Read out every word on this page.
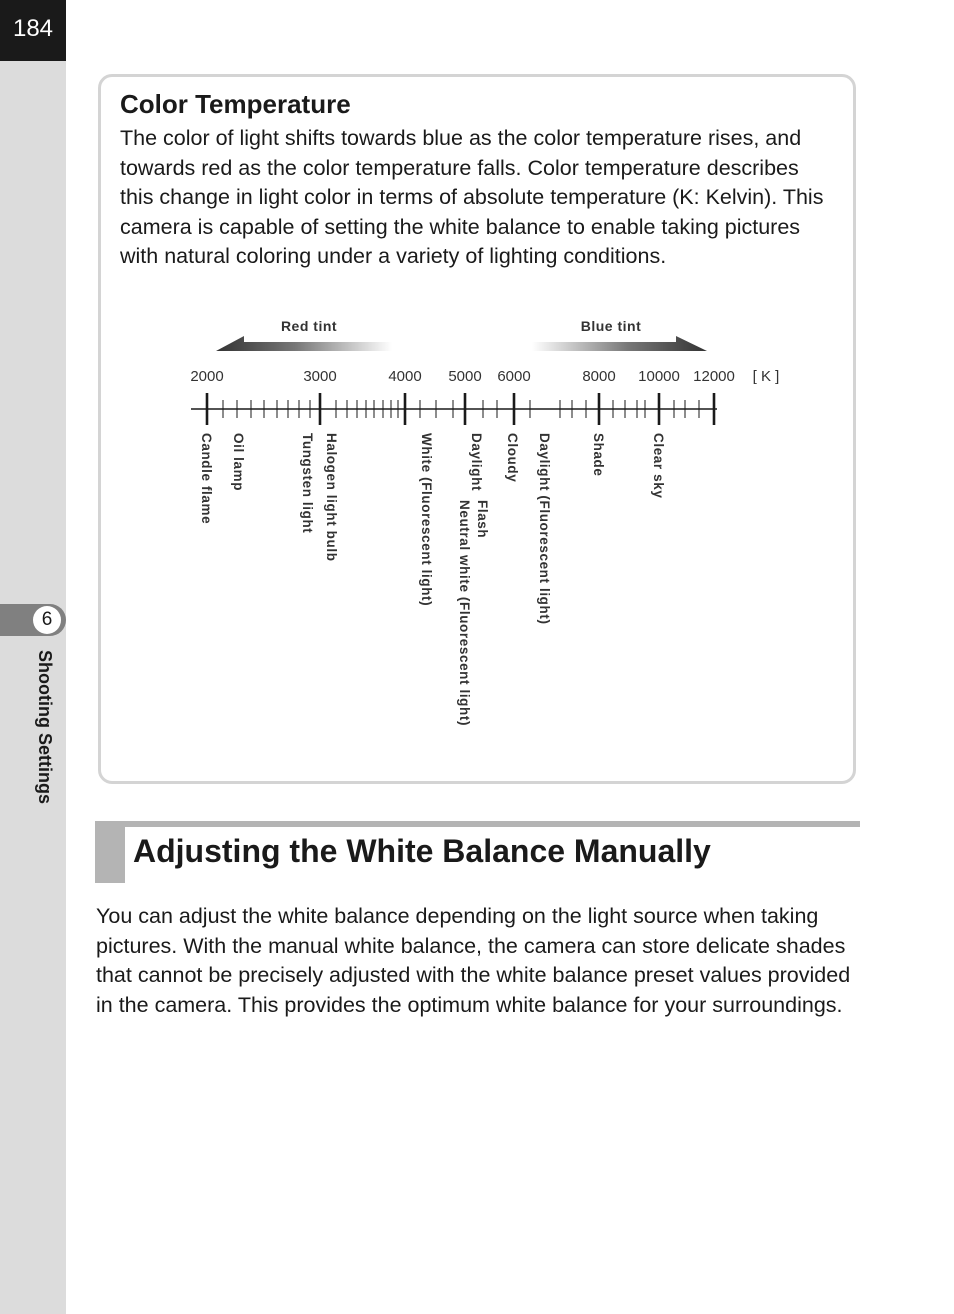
184
6
Shooting Settings
Color Temperature

The color of light shifts towards blue as the color temperature rises, and towards red as the color temperature falls. Color temperature describes this change in light color in terms of absolute temperature (K: Kelvin). This camera is capable of setting the white balance to enable taking pictures with natural coloring under a variety of lighting conditions.

Red tint	Blue tint
2000	3000	4000 5000 6000	8000 10000 12000 [ K ]
Candle flame Oil lamp	Tungsten light Halogen light bulb	White (Fluorescent light) Neutral white (Fluorescent light)
Daylight
Flash
Cloudy Daylight (Fluorescent light)	Shade	Clear sky
Adjusting the White Balance Manually

You can adjust the white balance depending on the light source when taking pictures. With the manual white balance, the camera can store delicate shades that cannot be precisely adjusted with the white balance preset values provided in the camera. This provides the optimum white balance for your surroundings.
